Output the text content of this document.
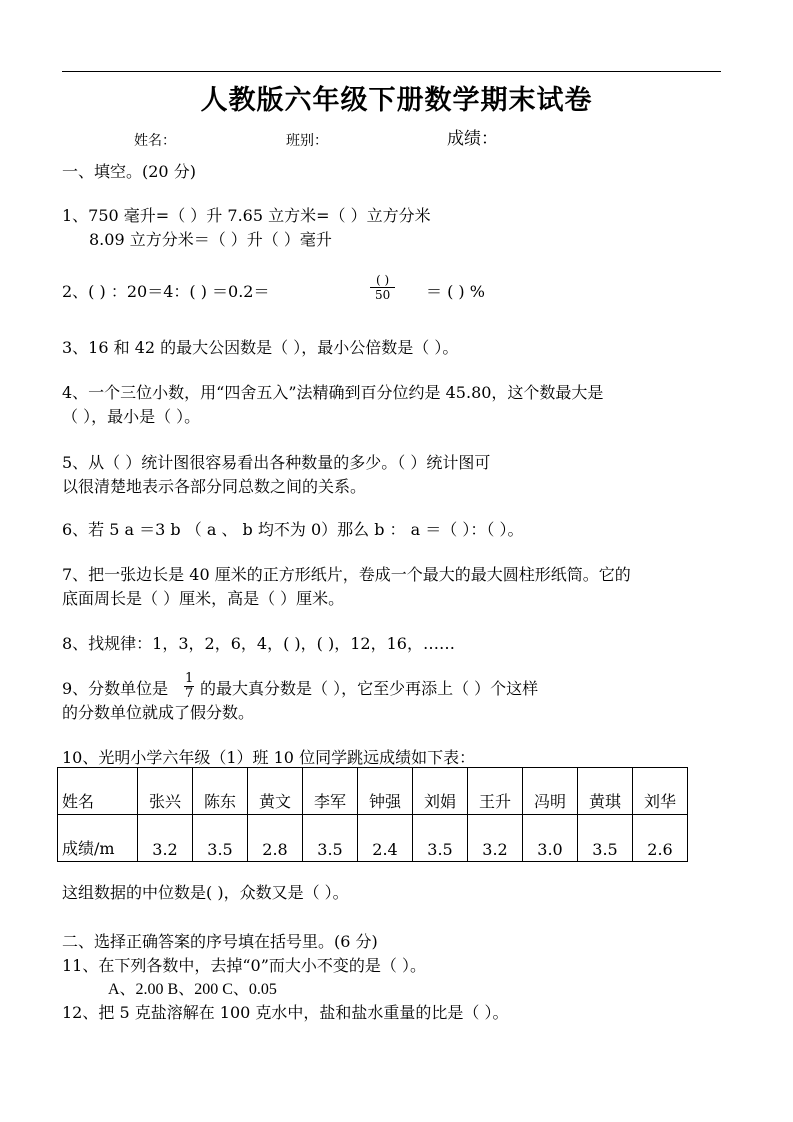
人教版六年级下册数学期末试卷
姓名：	班别：	成绩：
一、填空。(20 分)
1、750 毫升=（ ）升 7.65 立方米=（ ）立方分米
8.09 立方分米＝（ ）升（ ）毫升
2、( ) ：20＝4：( ) ＝0.2＝
( )
50	＝ ( ) %
3、16 和 42 的最大公因数是（ ），最小公倍数是（ ）。
4、一个三位小数，用“四舍五入”法精确到百分位约是 45.80，这个数最大是
（ ），最小是（ ）。
5、从（ ）统计图很容易看出各种数量的多少。（ ）统计图可
以很清楚地表示各部分同总数之间的关系。
6、若 5 a ＝3 b （ a 、 b 均不为 0）那么 b ： a ＝（ ）：（ ）。
7、把一张边长是 40 厘米的正方形纸片，卷成一个最大的最大圆柱形纸筒。它的
底面周长是（ ）厘米，高是（ ）厘米。
8、找规律：1，3，2，6，4，( )，( )，12，16，……
9、分数单位是 $\frac{1}{7}$ 的最大真分数是（ ），它至少再添上（ ）个这样
的分数单位就成了假分数。
10、光明小学六年级（1）班 10 位同学跳远成绩如下表：
姓名	张兴	陈东	黄文	李军	钟强	刘娟	王升	冯明	黄琪	刘华
成绩/m	3.2	3.5	2.8	3.5	2.4	3.5	3.2	3.0	3.5	2.6
这组数据的中位数是( )，众数又是（ ）。
二、选择正确答案的序号填在括号里。(6 分)
11、在下列各数中，去掉“0”而大小不变的是（ ）。
A、2.00 B、200 C、0.05
12、把 5 克盐溶解在 100 克水中，盐和盐水重量的比是（ ）。
